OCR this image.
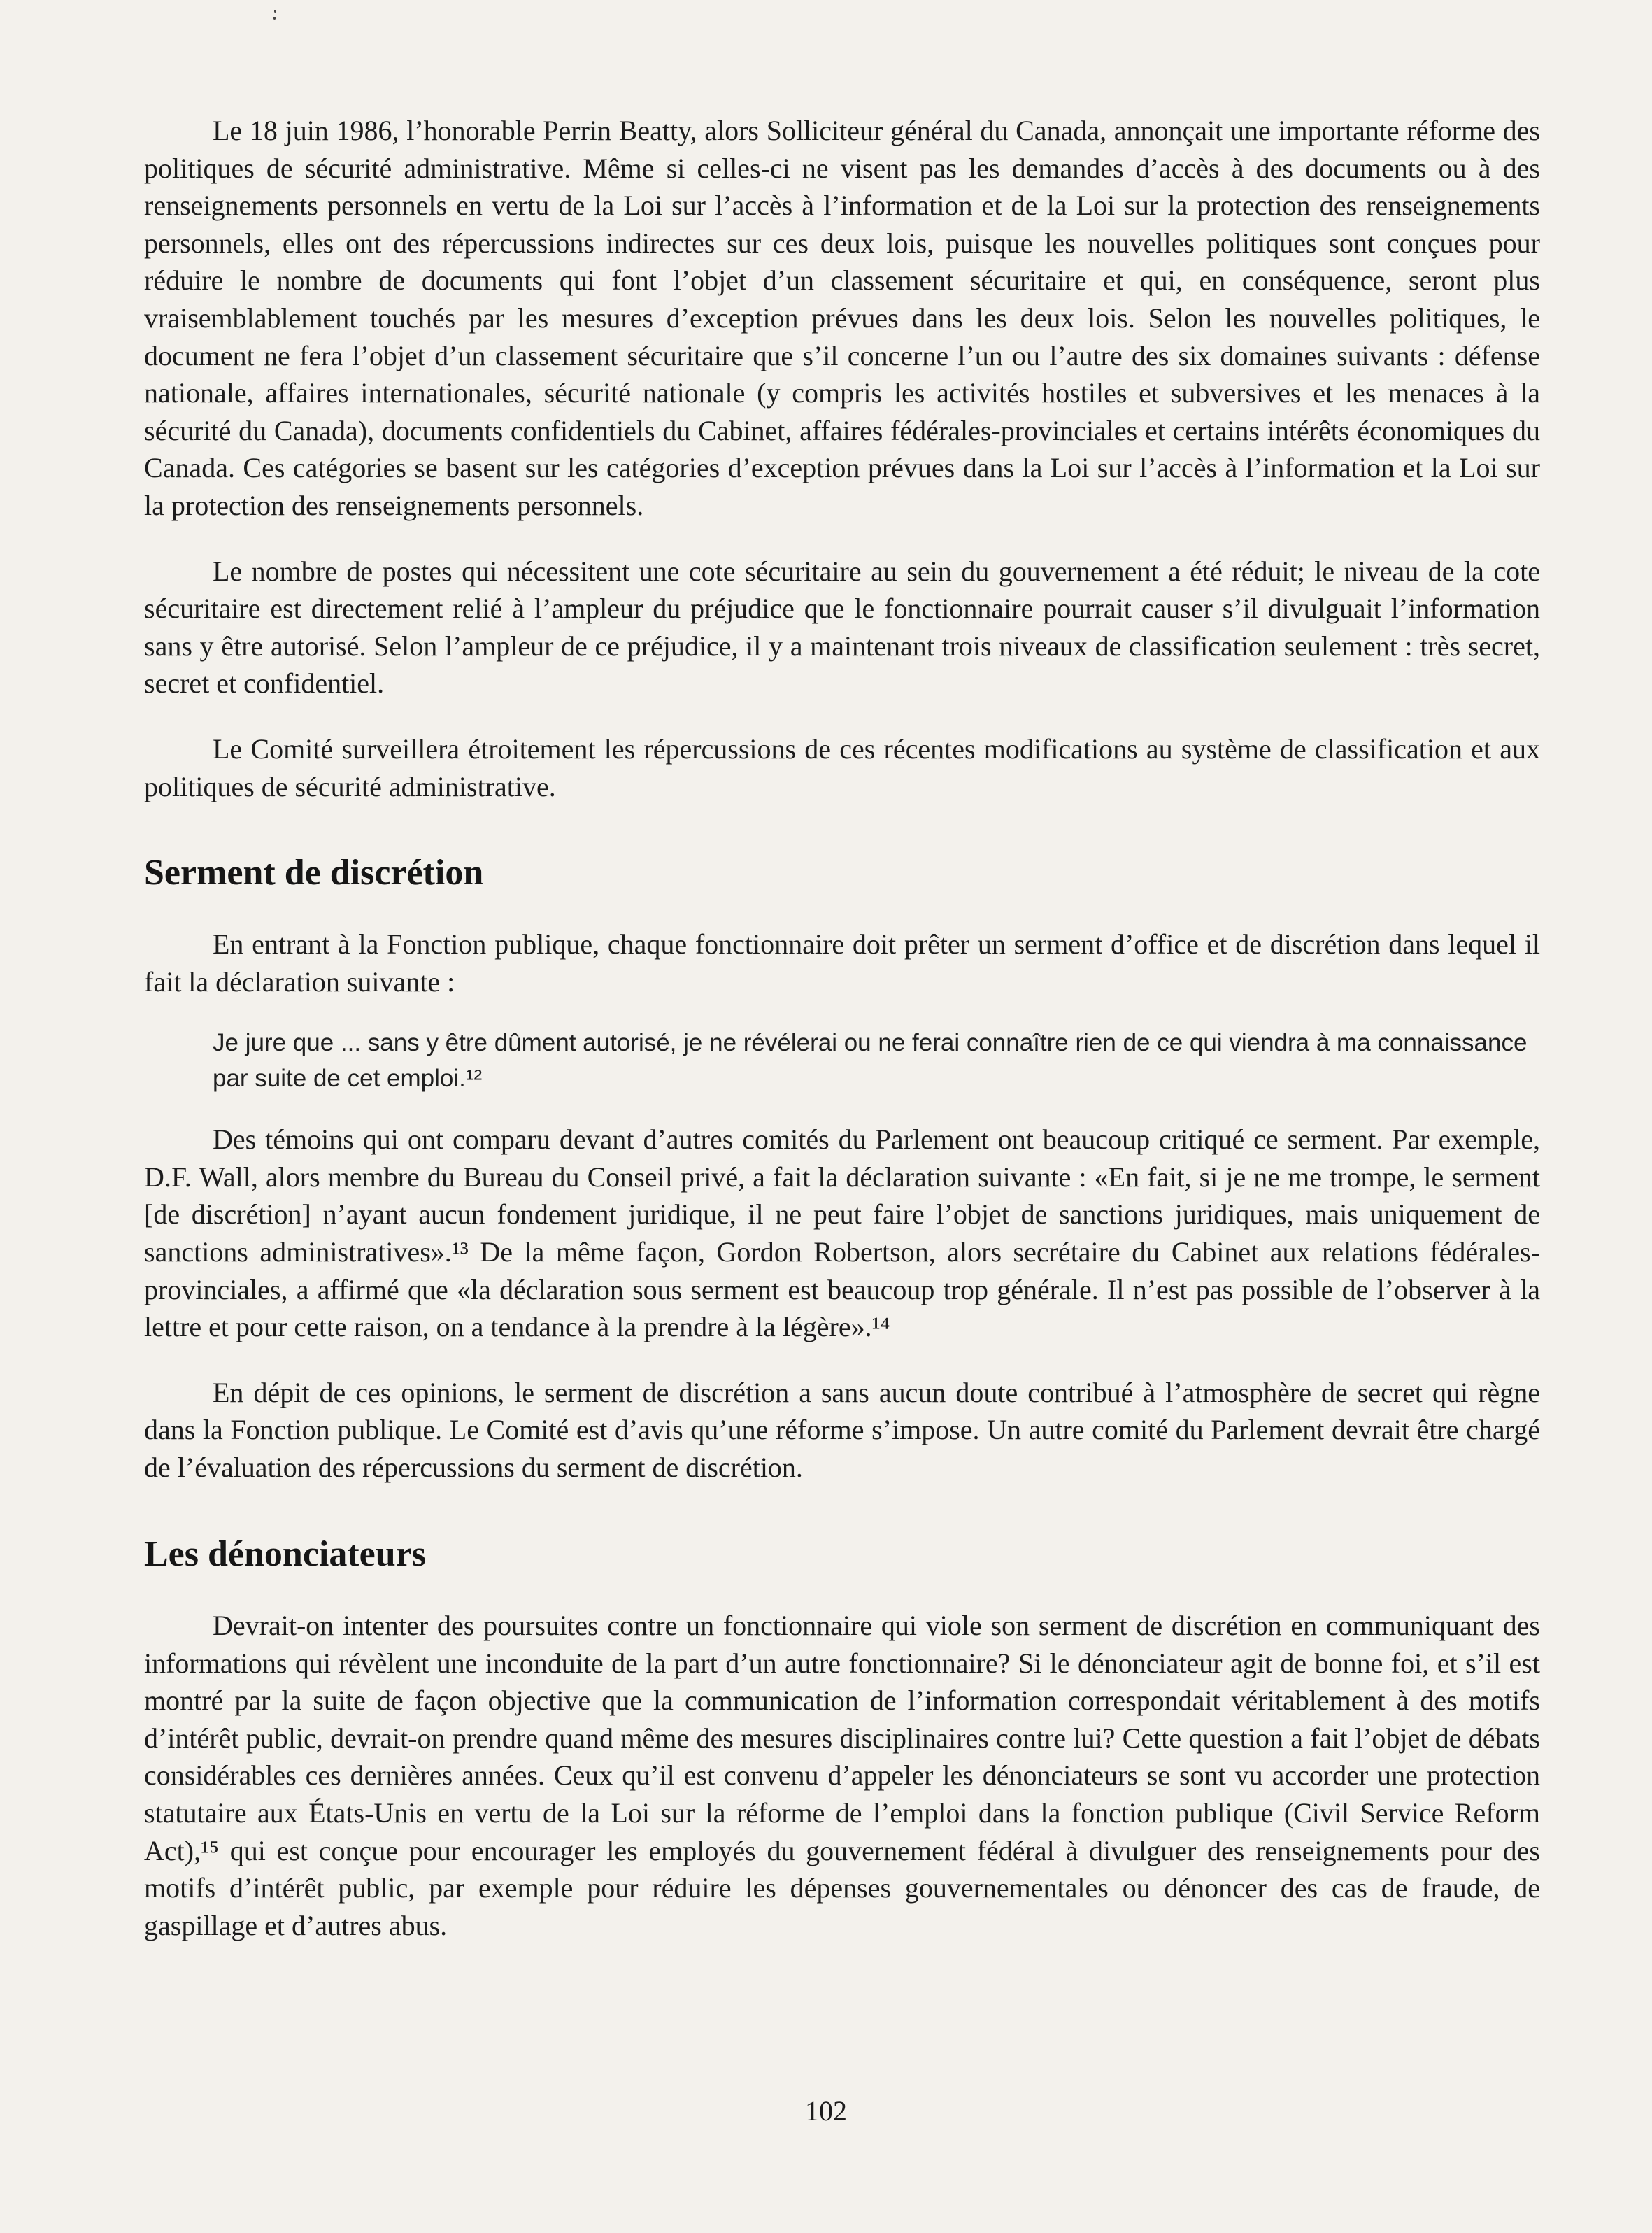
Le 18 juin 1986, l’honorable Perrin Beatty, alors Solliciteur général du Canada, annonçait une importante réforme des politiques de sécurité administrative. Même si celles-ci ne visent pas les demandes d’accès à des documents ou à des renseignements personnels en vertu de la Loi sur l’accès à l’information et de la Loi sur la protection des renseignements personnels, elles ont des répercussions indirectes sur ces deux lois, puisque les nouvelles politiques sont conçues pour réduire le nombre de documents qui font l’objet d’un classement sécuritaire et qui, en conséquence, seront plus vraisemblablement touchés par les mesures d’exception prévues dans les deux lois. Selon les nouvelles politiques, le document ne fera l’objet d’un classement sécuritaire que s’il concerne l’un ou l’autre des six domaines suivants : défense nationale, affaires internationales, sécurité nationale (y compris les activités hostiles et subversives et les menaces à la sécurité du Canada), documents confidentiels du Cabinet, affaires fédérales-provinciales et certains intérêts économiques du Canada. Ces catégories se basent sur les catégories d’exception prévues dans la Loi sur l’accès à l’information et la Loi sur la protection des renseignements personnels.

Le nombre de postes qui nécessitent une cote sécuritaire au sein du gouvernement a été réduit; le niveau de la cote sécuritaire est directement relié à l’ampleur du préjudice que le fonctionnaire pourrait causer s’il divulguait l’information sans y être autorisé. Selon l’ampleur de ce préjudice, il y a maintenant trois niveaux de classification seulement : très secret, secret et confidentiel.

Le Comité surveillera étroitement les répercussions de ces récentes modifications au système de classification et aux politiques de sécurité administrative.

Serment de discrétion

En entrant à la Fonction publique, chaque fonctionnaire doit prêter un serment d’office et de discrétion dans lequel il fait la déclaration suivante :

Je jure que ... sans y être dûment autorisé, je ne révélerai ou ne ferai connaître rien de ce qui viendra à ma connaissance par suite de cet emploi.¹²

Des témoins qui ont comparu devant d’autres comités du Parlement ont beaucoup critiqué ce serment. Par exemple, D.F. Wall, alors membre du Bureau du Conseil privé, a fait la déclaration suivante : «En fait, si je ne me trompe, le serment [de discrétion] n’ayant aucun fondement juridique, il ne peut faire l’objet de sanctions juridiques, mais uniquement de sanctions administratives».¹³ De la même façon, Gordon Robertson, alors secrétaire du Cabinet aux relations fédérales-provinciales, a affirmé que «la déclaration sous serment est beaucoup trop générale. Il n’est pas possible de l’observer à la lettre et pour cette raison, on a tendance à la prendre à la légère».¹⁴

En dépit de ces opinions, le serment de discrétion a sans aucun doute contribué à l’atmosphère de secret qui règne dans la Fonction publique. Le Comité est d’avis qu’une réforme s’impose. Un autre comité du Parlement devrait être chargé de l’évaluation des répercussions du serment de discrétion.

Les dénonciateurs

Devrait-on intenter des poursuites contre un fonctionnaire qui viole son serment de discrétion en communiquant des informations qui révèlent une inconduite de la part d’un autre fonctionnaire? Si le dénonciateur agit de bonne foi, et s’il est montré par la suite de façon objective que la communication de l’information correspondait véritablement à des motifs d’intérêt public, devrait-on prendre quand même des mesures disciplinaires contre lui? Cette question a fait l’objet de débats considérables ces dernières années. Ceux qu’il est convenu d’appeler les dénonciateurs se sont vu accorder une protection statutaire aux États-Unis en vertu de la Loi sur la réforme de l’emploi dans la fonction publique (Civil Service Reform Act),¹⁵ qui est conçue pour encourager les employés du gouvernement fédéral à divulguer des renseignements pour des motifs d’intérêt public, par exemple pour réduire les dépenses gouvernementales ou dénoncer des cas de fraude, de gaspillage et d’autres abus.

102
